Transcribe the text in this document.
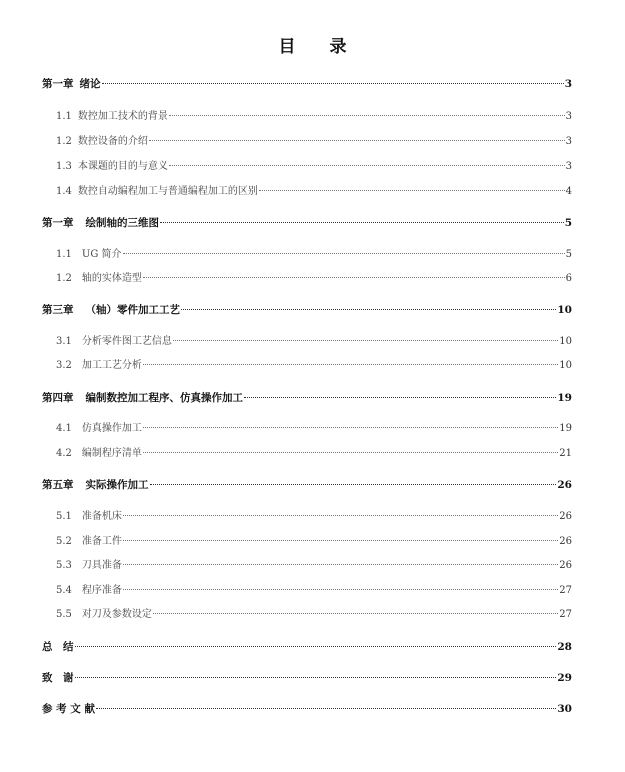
目 录
第一章 绪论	3
1.1 数控加工技术的背景	3
1.2 数控设备的介绍	3
1.3 本课题的目的与意义	3
1.4 数控自动编程加工与普通编程加工的区别	4
第一章 绘制轴的三维图	5
1.1 UG 简介	5
1.2 轴的实体造型	6
第三章 （轴）零件加工工艺	10
3.1 分析零件图工艺信息	10
3.2 加工工艺分析	10
第四章 编制数控加工程序、仿真操作加工	19
4.1 仿真操作加工	19
4.2 编制程序清单	21
第五章 实际操作加工	26
5.1 准备机床	26
5.2 准备工件	26
5.3 刀具准备	26
5.4 程序准备	27
5.5 对刀及参数设定	27
总　结	28
致　谢	29
参 考 文 献	30
